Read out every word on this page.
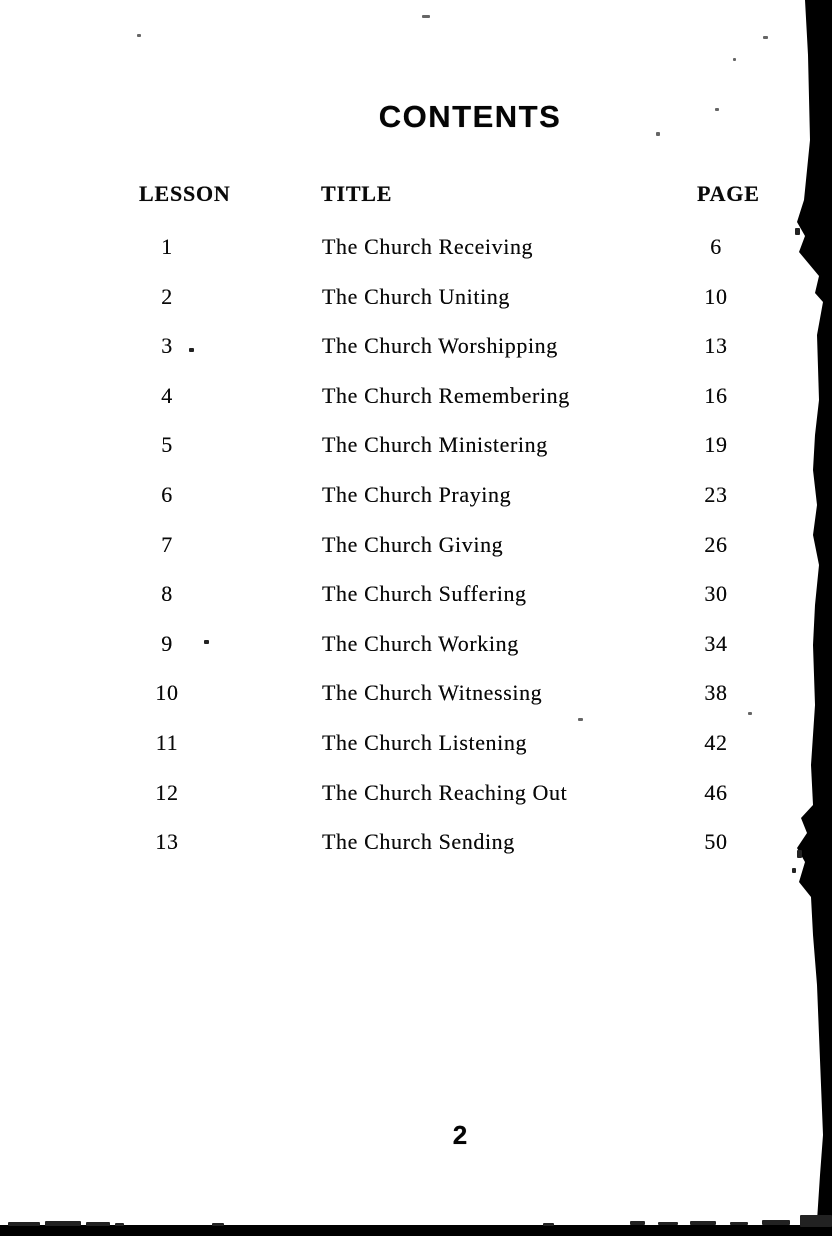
CONTENTS
LESSON	TITLE	PAGE
1	The Church Receiving	6
2	The Church Uniting	10
3	The Church Worshipping	13
4	The Church Remembering	16
5	The Church Ministering	19
6	The Church Praying	23
7	The Church Giving	26
8	The Church Suffering	30
9	The Church Working	34
10	The Church Witnessing	38
11	The Church Listening	42
12	The Church Reaching Out	46
13	The Church Sending	50
2
